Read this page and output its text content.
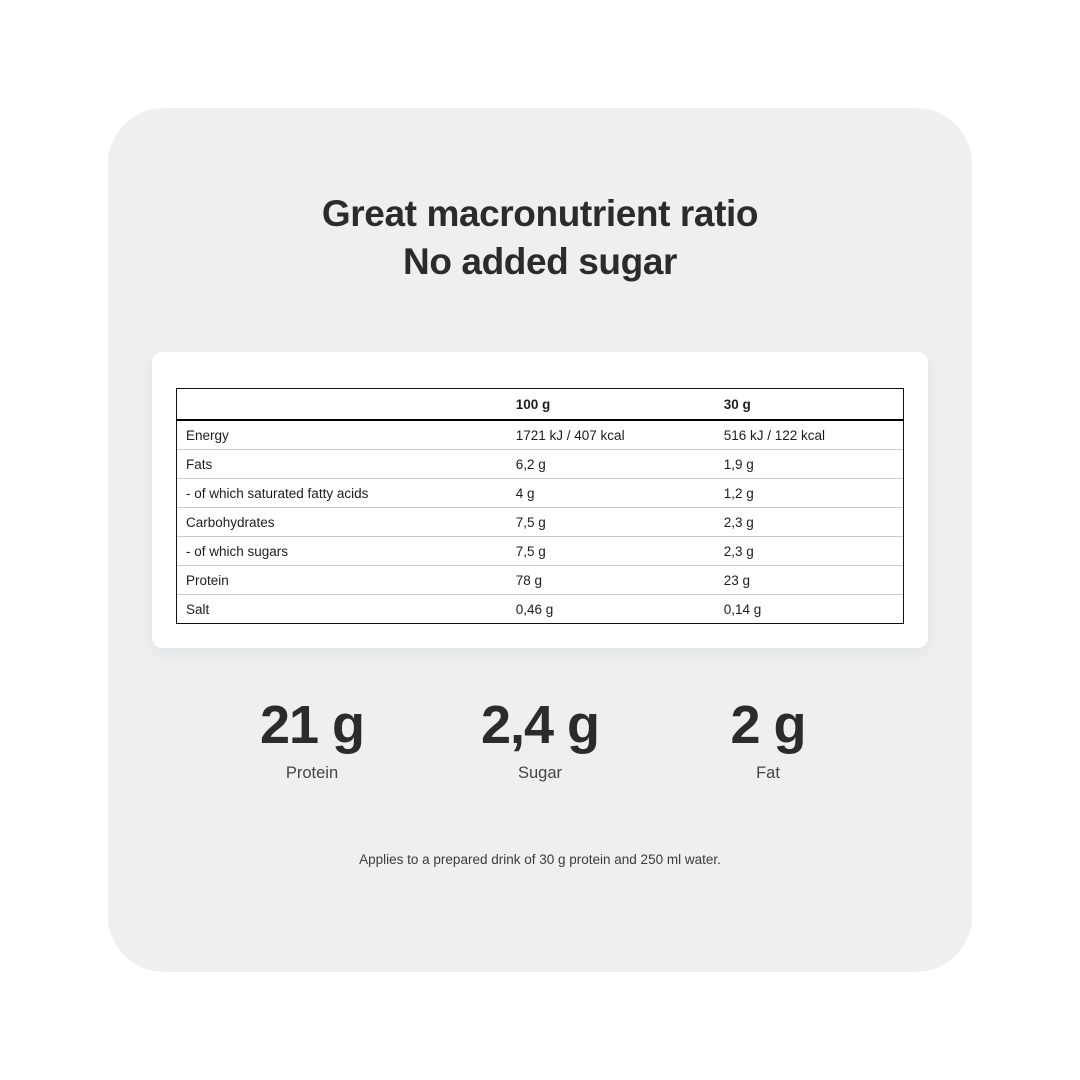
Great macronutrient ratio
No added sugar
	100 g	30 g
Energy	1721 kJ / 407 kcal	516 kJ / 122 kcal
Fats	6,2 g	1,9 g
- of which saturated fatty acids	4 g	1,2 g
Carbohydrates	7,5 g	2,3 g
- of which sugars	7,5 g	2,3 g
Protein	78 g	23 g
Salt	0,46 g	0,14 g
21 g
Protein
2,4 g
Sugar
2 g
Fat
Applies to a prepared drink of 30 g protein and 250 ml water.
